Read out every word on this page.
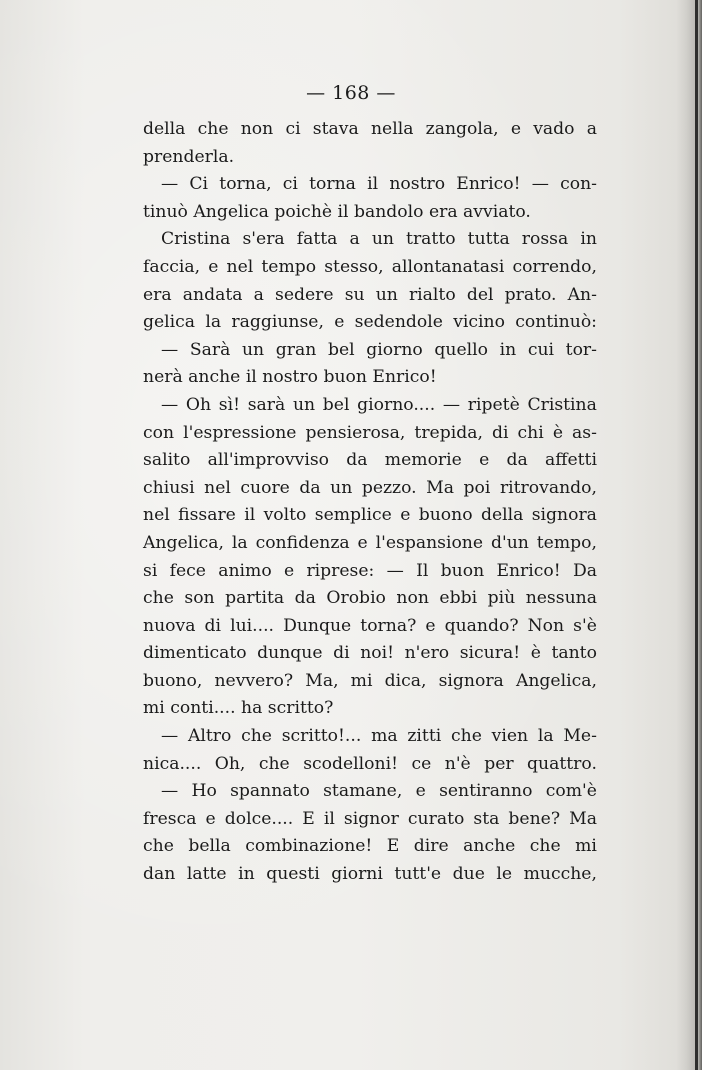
— 168 —
della che non ci stava nella zangola, e vado a
prenderla.
— Ci torna, ci torna il nostro Enrico! — con-
tinuò Angelica poichè il bandolo era avviato.
Cristina s'era fatta a un tratto tutta rossa in
faccia, e nel tempo stesso, allontanatasi correndo,
era andata a sedere su un rialto del prato. An-
gelica la raggiunse, e sedendole vicino continuò:
— Sarà un gran bel giorno quello in cui tor-
nerà anche il nostro buon Enrico!
— Oh sì! sarà un bel giorno.... — ripetè Cristina
con l'espressione pensierosa, trepida, di chi è as-
salito all'improvviso da memorie e da affetti
chiusi nel cuore da un pezzo. Ma poi ritrovando,
nel fissare il volto semplice e buono della signora
Angelica, la confidenza e l'espansione d'un tempo,
si fece animo e riprese: — Il buon Enrico! Da
che son partita da Orobio non ebbi più nessuna
nuova di lui.... Dunque torna? e quando? Non s'è
dimenticato dunque di noi! n'ero sicura! è tanto
buono, nevvero? Ma, mi dica, signora Angelica,
mi conti.... ha scritto?
— Altro che scritto!... ma zitti che vien la Me-
nica.... Oh, che scodelloni! ce n'è per quattro.
— Ho spannato stamane, e sentiranno com'è
fresca e dolce.... E il signor curato sta bene? Ma
che bella combinazione! E dire anche che mi
dan latte in questi giorni tutt'e due le mucche,
